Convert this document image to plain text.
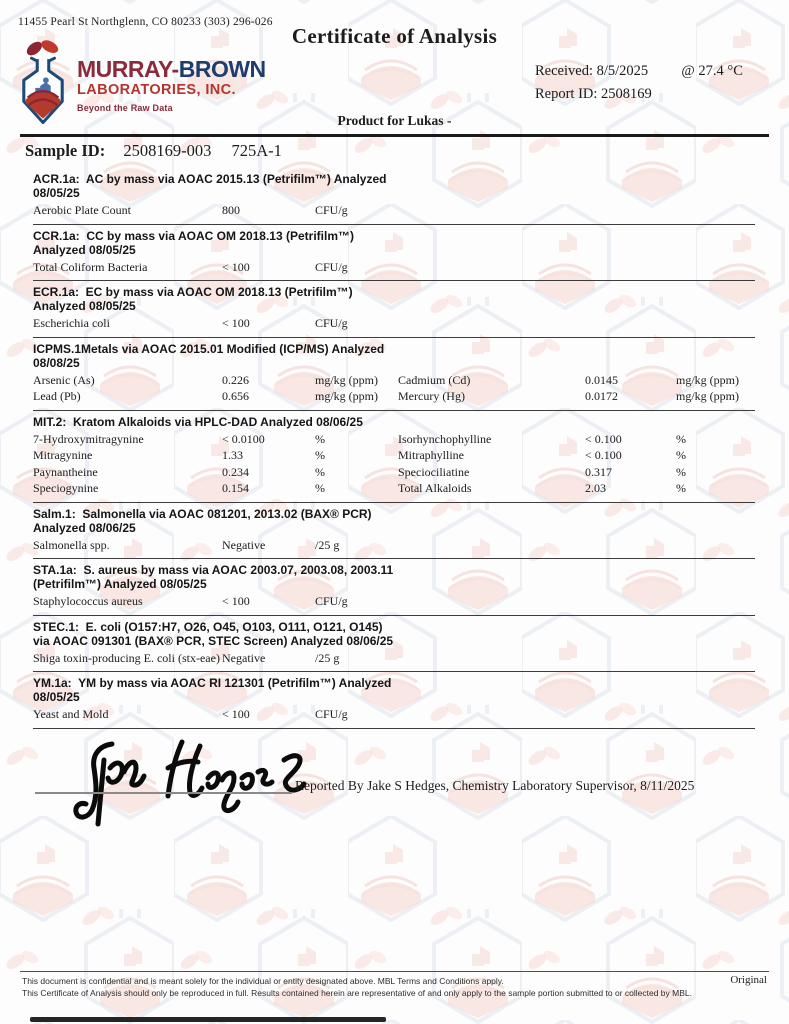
11455 Pearl St Northglenn, CO 80233 (303) 296-026
Certificate of Analysis
MURRAY-BROWN
LABORATORIES, INC.
Beyond the Raw Data
Received: 8/5/2025 @ 27.4 °C
Report ID: 2508169
Product for Lukas -
Sample ID: 2508169-003 725A-1
ACR.1a:  AC by mass via AOAC 2015.13 (Petrifilm™) Analyzed
08/05/25
Aerobic Plate Count	800	CFU/g
CCR.1a:  CC by mass via AOAC OM 2018.13 (Petrifilm™)
Analyzed 08/05/25
Total Coliform Bacteria	< 100	CFU/g
ECR.1a:  EC by mass via AOAC OM 2018.13 (Petrifilm™)
Analyzed 08/05/25
Escherichia coli	< 100	CFU/g
ICPMS.1Metals via AOAC 2015.01 Modified (ICP/MS) Analyzed
08/08/25
Arsenic (As)	0.226	mg/kg (ppm) Cadmium (Cd)	0.0145	mg/kg (ppm)
Lead (Pb)	0.656	mg/kg (ppm) Mercury (Hg)	0.0172	mg/kg (ppm)
MIT.2:  Kratom Alkaloids via HPLC-DAD Analyzed 08/06/25
7-Hydroxymitragynine	< 0.0100	%	Isorhynchophylline	< 0.100	%
Mitragynine	1.33	%	Mitraphylline	< 0.100	%
Paynantheine	0.234	%	Speciociliatine	0.317	%
Speciogynine	0.154	%	Total Alkaloids	2.03	%
Salm.1:  Salmonella via AOAC 081201, 2013.02 (BAX® PCR)
Analyzed 08/06/25
Salmonella spp.	Negative	/25 g
STA.1a:  S. aureus by mass via AOAC 2003.07, 2003.08, 2003.11
(Petrifilm™) Analyzed 08/05/25
Staphylococcus aureus	< 100	CFU/g
STEC.1:  E. coli (O157:H7, O26, O45, O103, O111, O121, O145)
via AOAC 091301 (BAX® PCR, STEC Screen) Analyzed 08/06/25
Shiga toxin-producing E. coli (stx-eae) Negative	/25 g
YM.1a:  YM by mass via AOAC RI 121301 (Petrifilm™) Analyzed
08/05/25
Yeast and Mold	< 100	CFU/g
Reported By Jake S Hedges, Chemistry Laboratory Supervisor, 8/11/2025
This document is confidential and is meant solely for the individual or entity designated above. MBL Terms and Conditions apply.
This Certificate of Analysis should only be reproduced in full. Results contained herein are representative of and only apply to the sample portion submitted to or collected by MBL.
Original
